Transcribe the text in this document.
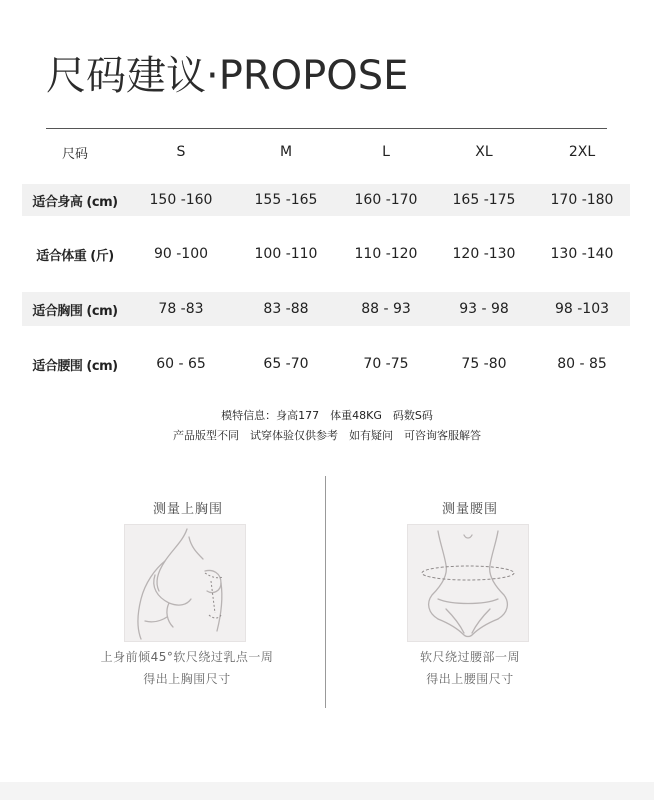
尺码建议·PROPOSE
尺码	S	M	L	XL	2XL
适合身高 (cm)	150 -160	155 -165	160 -170	165 -175	170 -180
适合体重 (斤)	90 -100	100 -110	110 -120	120 -130	130 -140
适合胸围 (cm)	78 -83	83 -88	88 - 93	93 - 98	98 -103
适合腰围 (cm)	60 - 65	65 -70	70 -75	75 -80	80 - 85
模特信息：身高177　体重48KG　码数S码
产品版型不同　试穿体验仅供参考　如有疑问　可咨询客服解答
测量上胸围
上身前倾45°软尺绕过乳点一周
得出上胸围尺寸
测量腰围
软尺绕过腰部一周
得出上腰围尺寸
